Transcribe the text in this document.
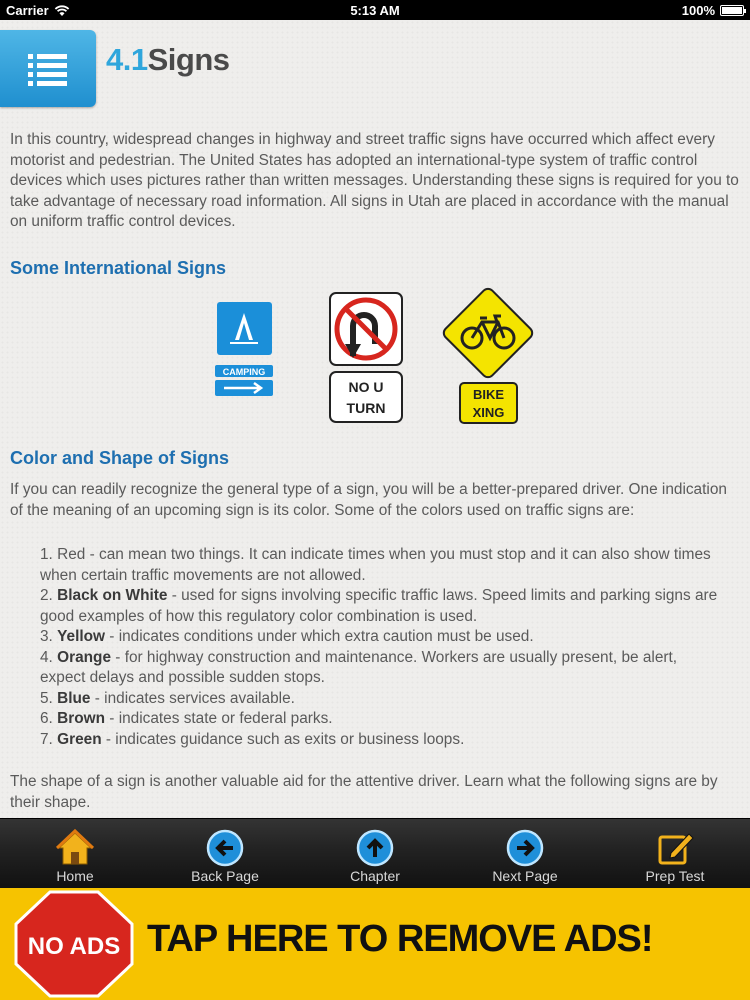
Carrier	5:13 AM	100%
4.1Signs

In this country, widespread changes in highway and street traffic signs have occurred which affect every motorist and pedestrian. The United States has adopted an international-type system of traffic control devices which uses pictures rather than written messages. Understanding these signs is required for you to take advantage of necessary road information. All signs in Utah are placed in accordance with the manual on uniform traffic control devices.

Some International Signs
CAMPING
NO U
TURN
BIKE
XING
Color and Shape of Signs

If you can readily recognize the general type of a sign, you will be a better-prepared driver. One indication of the meaning of an upcoming sign is its color. Some of the colors used on traffic signs are:

1. Red - can mean two things. It can indicate times when you must stop and it can also show times when certain traffic movements are not allowed.
2. Black on White - used for signs involving specific traffic laws. Speed limits and parking signs are good examples of how this regulatory color combination is used.
3. Yellow - indicates conditions under which extra caution must be used.
4. Orange - for highway construction and maintenance. Workers are usually present, be alert, expect delays and possible sudden stops.
5. Blue - indicates services available.
6. Brown - indicates state or federal parks.
7. Green - indicates guidance such as exits or business loops.

The shape of a sign is another valuable aid for the attentive driver. Learn what the following signs are by their shape.

Home	Back Page	Chapter	Next Page	Prep Test
NO ADS TAP HERE TO REMOVE ADS!
